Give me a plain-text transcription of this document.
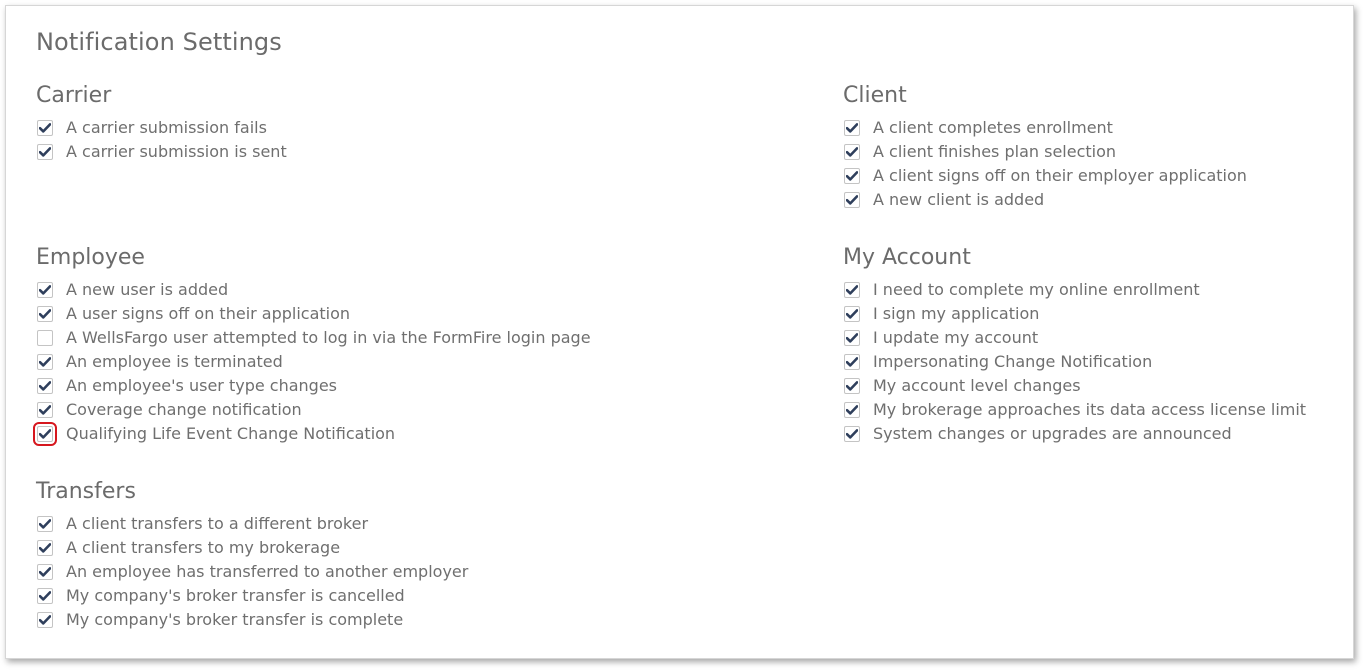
Notification Settings
Carrier
A carrier submission fails
A carrier submission is sent
Client
A client completes enrollment
A client finishes plan selection
A client signs off on their employer application
A new client is added
Employee
A new user is added
A user signs off on their application
A WellsFargo user attempted to log in via the FormFire login page
An employee is terminated
An employee's user type changes
Coverage change notification
Qualifying Life Event Change Notification
My Account
I need to complete my online enrollment
I sign my application
I update my account
Impersonating Change Notification
My account level changes
My brokerage approaches its data access license limit
System changes or upgrades are announced
Transfers
A client transfers to a different broker
A client transfers to my brokerage
An employee has transferred to another employer
My company's broker transfer is cancelled
My company's broker transfer is complete
